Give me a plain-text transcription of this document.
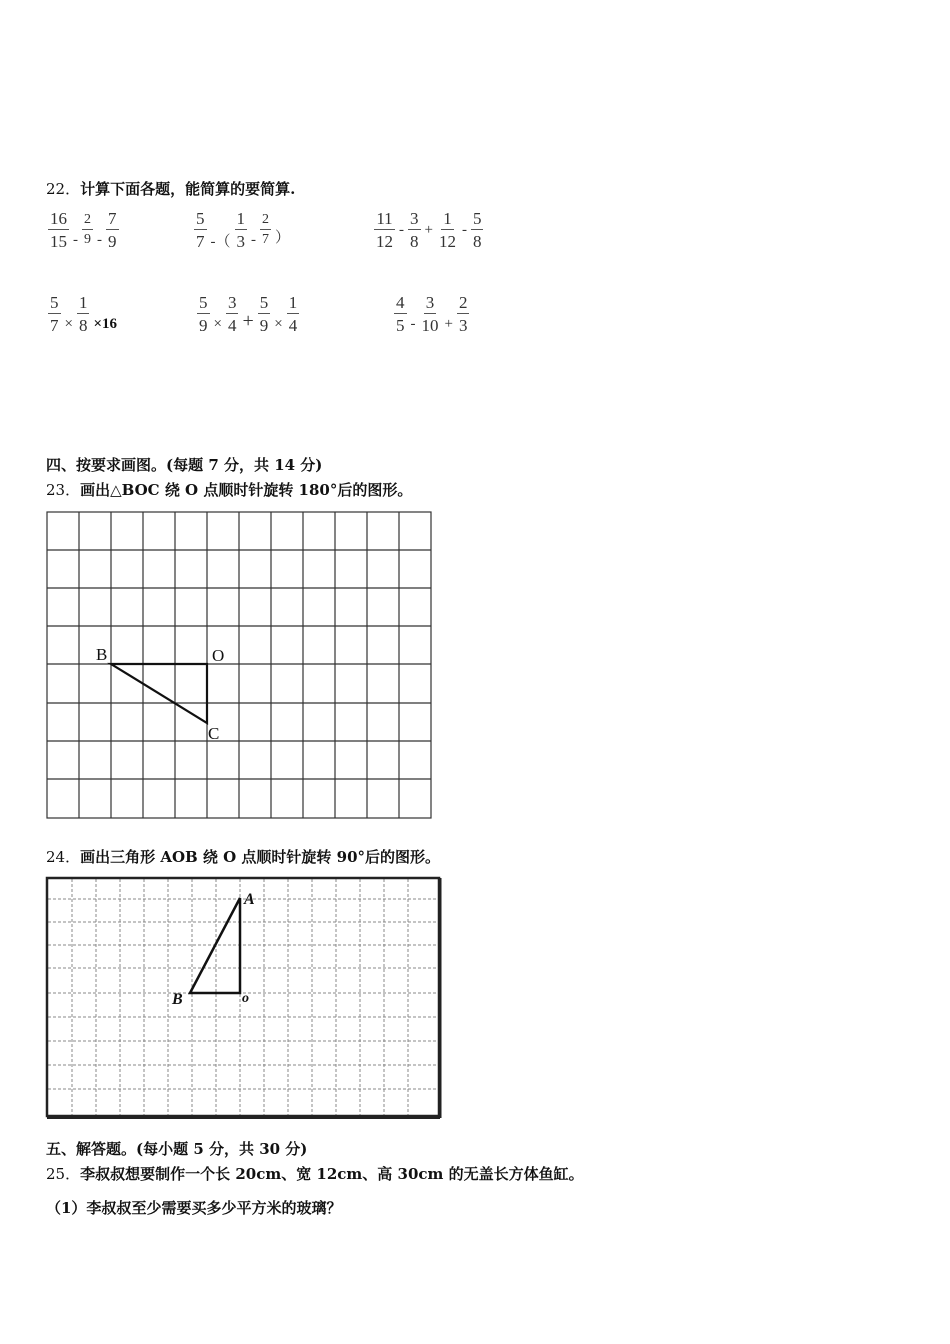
22．计算下面各题，能简算的要简算.
$\frac{16}{15} - \frac{2}{9} - \frac{7}{9}$	$\frac{5}{7}$ -（ $\frac{1}{3} - \frac{2}{7}$ ）	$\frac{11}{12} - \frac{3}{8} + \frac{1}{12} - \frac{5}{8}$
$\frac{5}{7} \times \frac{1}{8} \times 16$	$\frac{5}{9} \times \frac{3}{4} + \frac{5}{9} \times \frac{1}{4}$	$\frac{4}{5} - \frac{3}{10} + \frac{2}{3}$
四、按要求画图。(每题 7 分，共 14 分)
23．画出△BOC 绕 O 点顺时针旋转 180°后的图形。
B	O
C
24．画出三角形 AOB 绕 O 点顺时针旋转 90°后的图形。
A
B	o
五、解答题。(每小题 5 分，共 30 分)
25．李叔叔想要制作一个长 20cm、宽 12cm、高 30cm 的无盖长方体鱼缸。
（1）李叔叔至少需要买多少平方米的玻璃？
